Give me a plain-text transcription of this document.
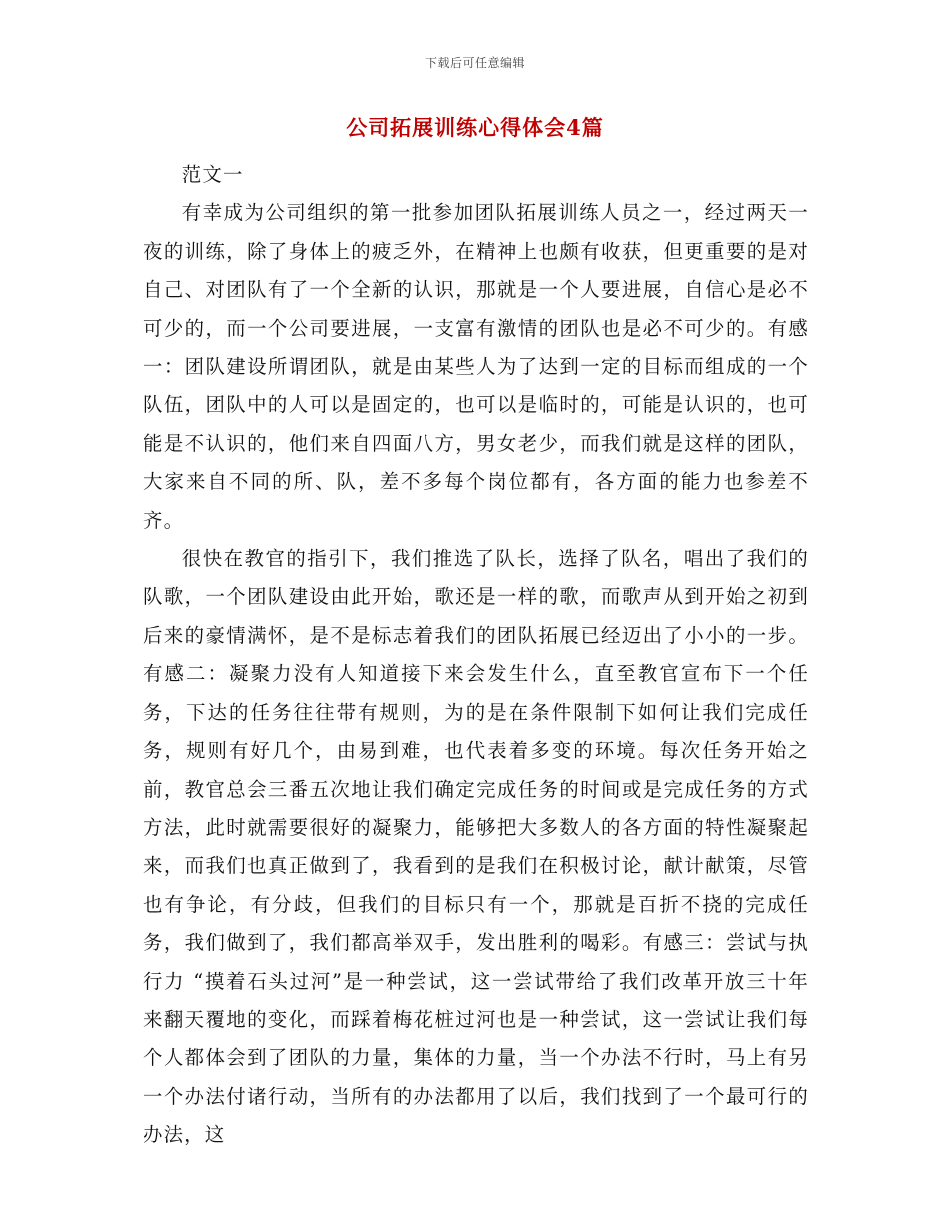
下载后可任意编辑
公司拓展训练心得体会4篇

范文一

有幸成为公司组织的第一批参加团队拓展训练人员之一，经过两天一夜的训练，除了身体上的疲乏外，在精神上也颇有收获，但更重要的是对自己、对团队有了一个全新的认识，那就是一个人要进展，自信心是必不可少的，而一个公司要进展，一支富有激情的团队也是必不可少的。有感一：团队建设所谓团队，就是由某些人为了达到一定的目标而组成的一个队伍，团队中的人可以是固定的，也可以是临时的，可能是认识的，也可能是不认识的，他们来自四面八方，男女老少，而我们就是这样的团队，大家来自不同的所、队，差不多每个岗位都有，各方面的能力也参差不齐。

很快在教官的指引下，我们推选了队长，选择了队名，唱出了我们的队歌，一个团队建设由此开始，歌还是一样的歌，而歌声从到开始之初到后来的豪情满怀，是不是标志着我们的团队拓展已经迈出了小小的一步。有感二：凝聚力没有人知道接下来会发生什么，直至教官宣布下一个任务，下达的任务往往带有规则，为的是在条件限制下如何让我们完成任务，规则有好几个，由易到难，也代表着多变的环境。每次任务开始之前，教官总会三番五次地让我们确定完成任务的时间或是完成任务的方式方法，此时就需要很好的凝聚力，能够把大多数人的各方面的特性凝聚起来，而我们也真正做到了，我看到的是我们在积极讨论，献计献策，尽管也有争论，有分歧，但我们的目标只有一个，那就是百折不挠的完成任务，我们做到了，我们都高举双手，发出胜利的喝彩。有感三：尝试与执行力 “摸着石头过河”是一种尝试，这一尝试带给了我们改革开放三十年来翻天覆地的变化，而踩着梅花桩过河也是一种尝试，这一尝试让我们每个人都体会到了团队的力量，集体的力量，当一个办法不行时，马上有另一个办法付诸行动，当所有的办法都用了以后，我们找到了一个最可行的办法，这
